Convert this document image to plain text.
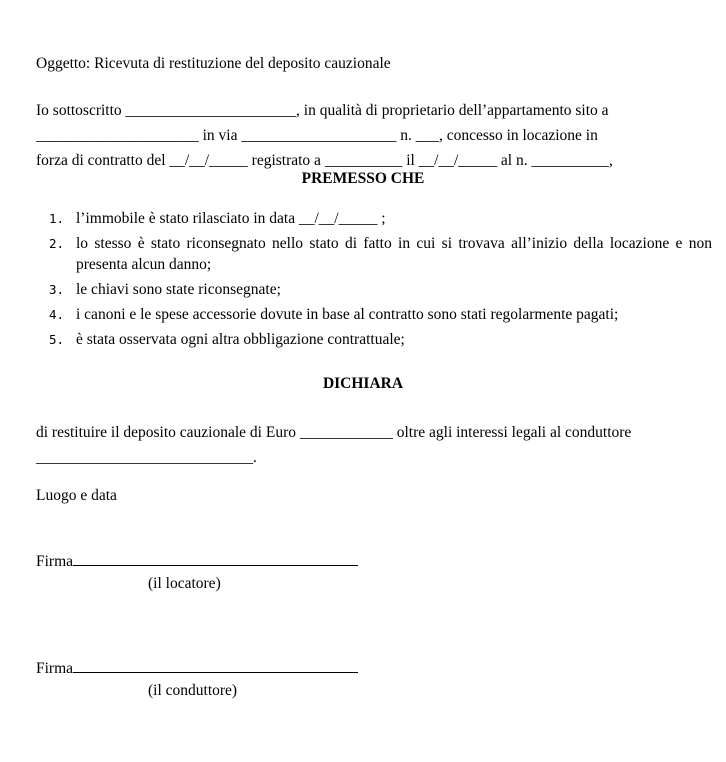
Oggetto: Ricevuta di restituzione del deposito cauzionale
Io sottoscritto ______________________, in qualità di proprietario dell’appartamento sito a
_____________________ in via ____________________ n. ___, concesso in locazione in
forza di contratto del __/__/_____ registrato a __________ il __/__/_____ al n. __________,
PREMESSO CHE
1. l’immobile è stato rilasciato in data __/__/_____ ;
2. lo stesso è stato riconsegnato nello stato di fatto in cui si trovava all’inizio della locazione e non presenta alcun danno;
3. le chiavi sono state riconsegnate;
4. i canoni e le spese accessorie dovute in base al contratto sono stati regolarmente pagati;
5. è stata osservata ogni altra obbligazione contrattuale;
DICHIARA
di restituire il deposito cauzionale di Euro ____________ oltre agli interessi legali al conduttore
____________________________.
Luogo e data
Firma
(il locatore)
Firma
(il conduttore)
